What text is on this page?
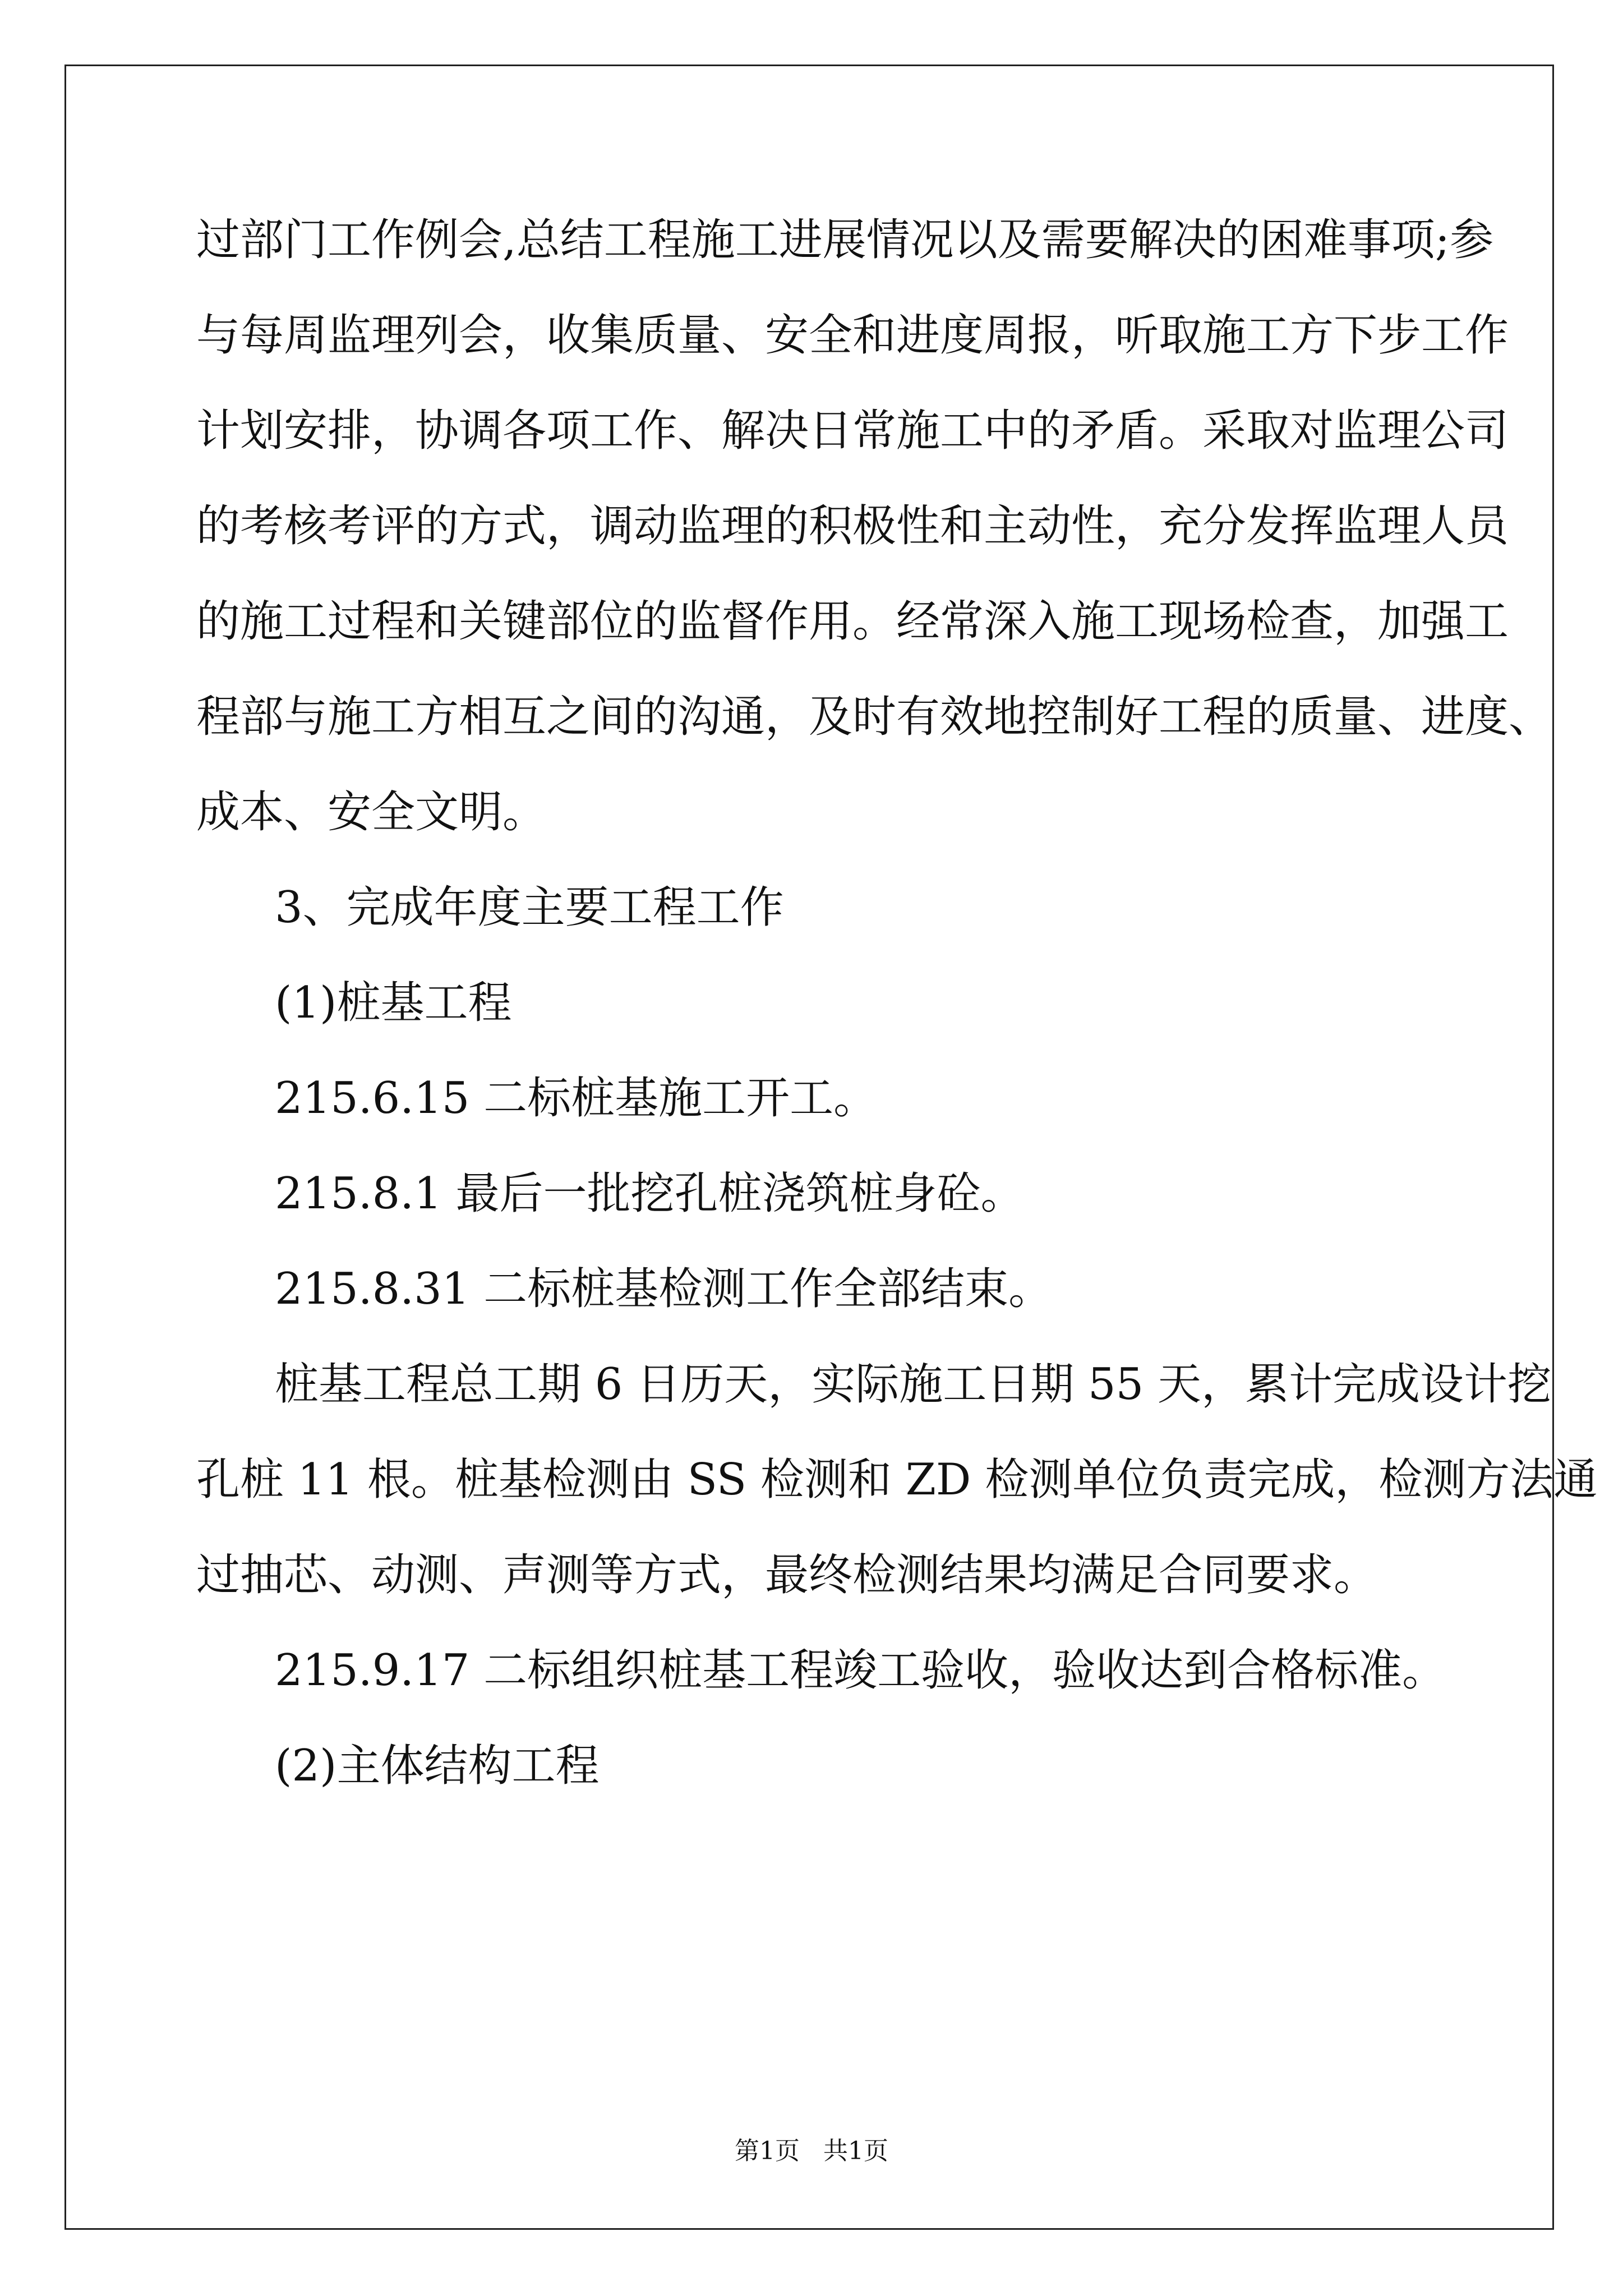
过部门工作例会,总结工程施工进展情况以及需要解决的困难事项;参
与每周监理列会，收集质量、安全和进度周报，听取施工方下步工作
计划安排，协调各项工作、解决日常施工中的矛盾。采取对监理公司
的考核考评的方式，调动监理的积极性和主动性，充分发挥监理人员
的施工过程和关键部位的监督作用。经常深入施工现场检查，加强工
程部与施工方相互之间的沟通，及时有效地控制好工程的质量、进度、
成本、安全文明。
3、完成年度主要工程工作
(1)桩基工程
215.6.15 二标桩基施工开工。
215.8.1 最后一批挖孔桩浇筑桩身砼。
215.8.31 二标桩基检测工作全部结束。
桩基工程总工期 6 日历天，实际施工日期 55 天，累计完成设计挖
孔桩 11 根。桩基检测由 SS 检测和 ZD 检测单位负责完成，检测方法通
过抽芯、动测、声测等方式，最终检测结果均满足合同要求。
215.9.17 二标组织桩基工程竣工验收，验收达到合格标准。
(2)主体结构工程
第1页   共1页
